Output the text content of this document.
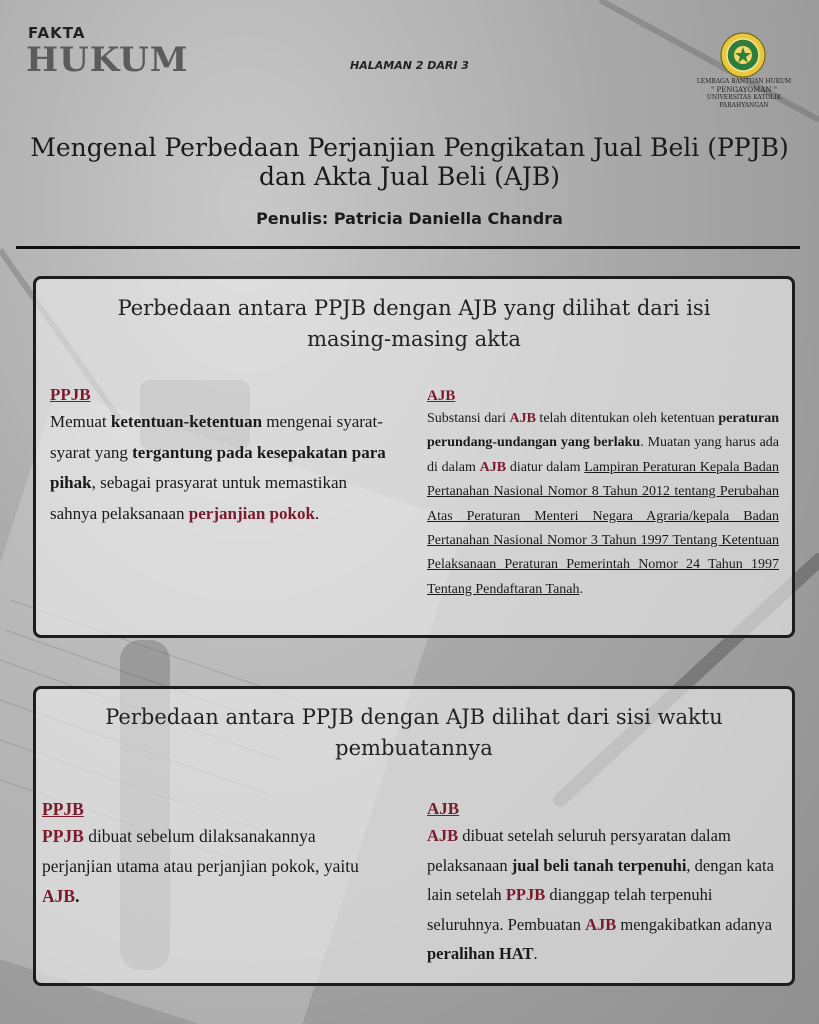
FAKTA
HUKUM	HALAMAN 2 DARI 3
LEMBAGA BANTUAN HUKUM
" PENGAYOMAN "
UNIVERSITAS KATOLIK PARAHYANGAN
Mengenal Perbedaan Perjanjian Pengikatan Jual Beli (PPJB) dan Akta Jual Beli (AJB)
Penulis: Patricia Daniella Chandra
Perbedaan antara PPJB dengan AJB yang dilihat dari isi
masing-masing akta
PPJB
Memuat ketentuan-ketentuan mengenai syarat-syarat yang tergantung pada kesepakatan para pihak, sebagai prasyarat untuk memastikan sahnya pelaksanaan perjanjian pokok.
AJB
Substansi dari AJB telah ditentukan oleh ketentuan peraturan perundang-undangan yang berlaku. Muatan yang harus ada di dalam AJB diatur dalam Lampiran Peraturan Kepala Badan Pertanahan Nasional Nomor 8 Tahun 2012 tentang Perubahan Atas Peraturan Menteri Negara Agraria/kepala Badan Pertanahan Nasional Nomor 3 Tahun 1997 Tentang Ketentuan Pelaksanaan Peraturan Pemerintah Nomor 24 Tahun 1997 Tentang Pendaftaran Tanah.
Perbedaan antara PPJB dengan AJB dilihat dari sisi waktu
pembuatannya
PPJB
PPJB dibuat sebelum dilaksanakannya perjanjian utama atau perjanjian pokok, yaitu AJB.
AJB
AJB dibuat setelah seluruh persyaratan dalam pelaksanaan jual beli tanah terpenuhi, dengan kata lain setelah PPJB dianggap telah terpenuhi seluruhnya. Pembuatan AJB mengakibatkan adanya peralihan HAT.
